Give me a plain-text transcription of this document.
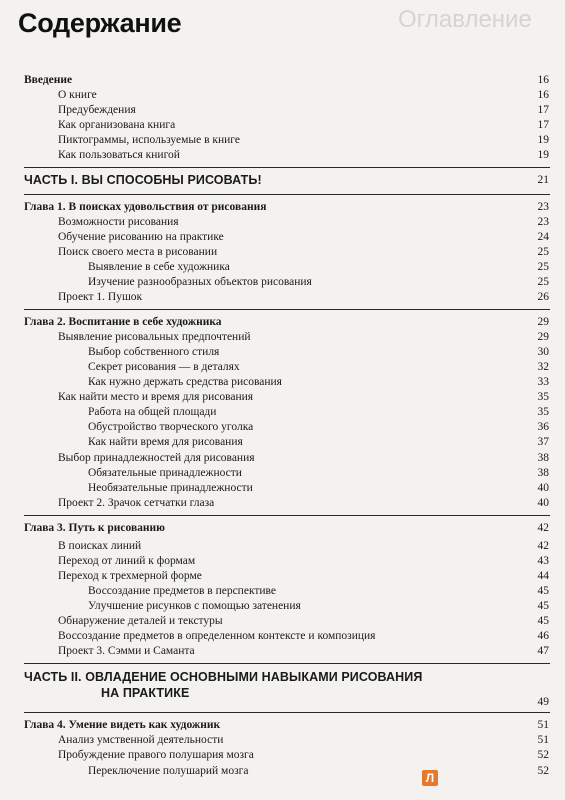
Оглавление
Содержание
Введение	16
О книге	16
Предубеждения	17
Как организована книга	17
Пиктограммы, используемые в книге	19
Как пользоваться книгой	19
ЧАСТЬ I. ВЫ СПОСОБНЫ РИСОВАТЬ!	21
Глава 1. В поисках удовольствия от рисования	23
Возможности рисования	23
Обучение рисованию на практике	24
Поиск своего места в рисовании	25
Выявление в себе художника	25
Изучение разнообразных объектов рисования	25
Проект 1. Пушок	26
Глава 2. Воспитание в себе художника	29
Выявление рисовальных предпочтений	29
Выбор собственного стиля	30
Секрет рисования — в деталях	32
Как нужно держать средства рисования	33
Как найти место и время для рисования	35
Работа на общей площади	35
Обустройство творческого уголка	36
Как найти время для рисования	37
Выбор принадлежностей для рисования	38
Обязательные принадлежности	38
Необязательные принадлежности	40
Проект 2. Зрачок сетчатки глаза	40
Глава 3. Путь к рисованию	42
В поисках линий	42
Переход от линий к формам	43
Переход к трехмерной форме	44
Воссоздание предметов в перспективе	45
Улучшение рисунков с помощью затенения	45
Обнаружение деталей и текстуры	45
Воссоздание предметов в определенном контексте и композиция	46
Проект 3. Сэмми и Саманта	47
ЧАСТЬ II. ОВЛАДЕНИЕ ОСНОВНЫМИ НАВЫКАМИ РИСОВАНИЯ
НА ПРАКТИКЕ
49
Глава 4. Умение видеть как художник	51
Анализ умственной деятельности	51
Пробуждение правого полушария мозга	52
Переключение полушарий мозга	52
Л
